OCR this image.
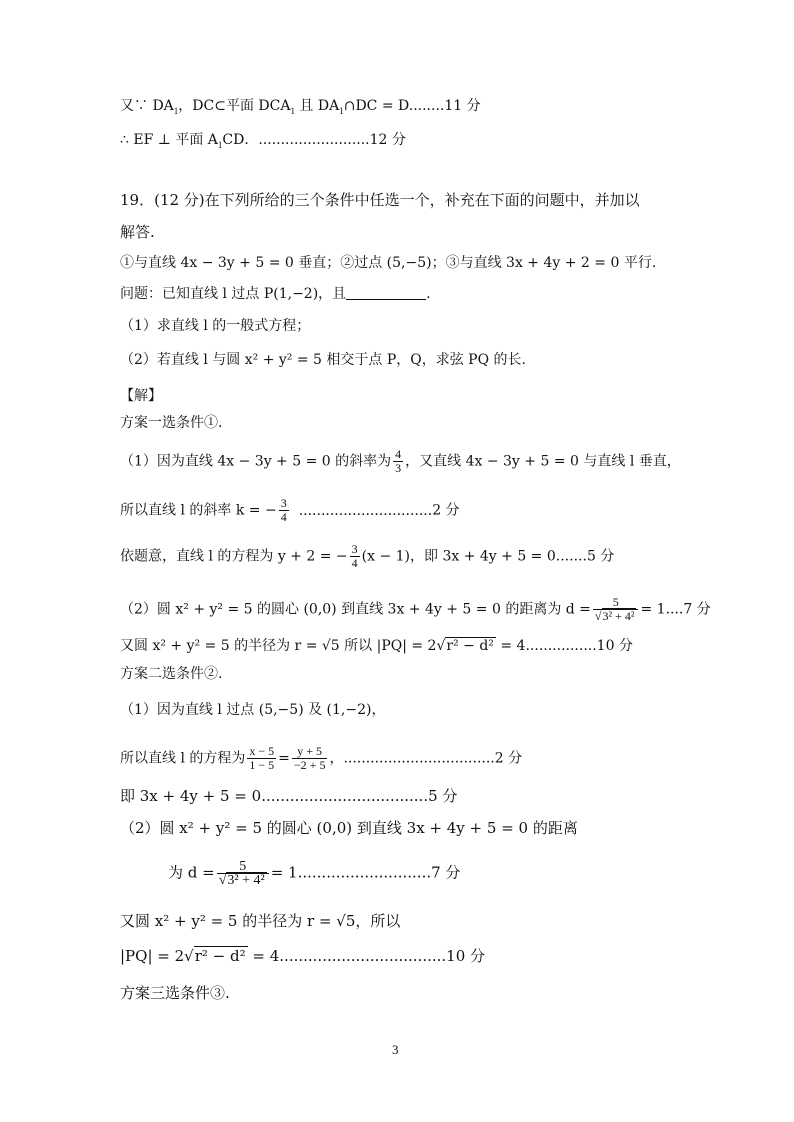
又∵ $DA_1$，DC⊂平面 $DCA_1$ 且 $DA_1\cap DC = D........11$ 分
∴ EF ⊥ 平面 $A_1CD$．.........................12 分
19．(12 分)在下列所给的三个条件中任选一个，补充在下面的问题中，并加以
解答.
①与直线 4x − 3y + 5 = 0 垂直；②过点 (5,−5)；③与直线 3x + 4y + 2 = 0 平行.
问题：已知直线 l 过点 P(1,−2)，且	.
（1）求直线 l 的一般式方程；
（2）若直线 l 与圆 x² + y² = 5 相交于点 P，Q，求弦 PQ 的长.
【解】
方案一选条件①.
（1）因为直线 4x − 3y + 5 = 0 的斜率为 $\frac{4}{3}$ ，又直线 4x − 3y + 5 = 0 与直线 l 垂直，
所以直线 l 的斜率 k = − $\frac{3}{4} ..............................2$ 分
依题意，直线 l 的方程为 y + 2 = − $\frac{3}{4} (x - 1)$，即 3x + 4y + 5 = 0.......5 分
（2）圆 x² + y² = 5 的圆心 (0,0) 到直线 3x + 4y + 5 = 0 的距离为 $d = \frac{5}{\text{√3² + 4²}} = 1....7$ 分
又圆 x² + y² = 5 的半径为 r = √5 所以 |PQ| = 2√r² − d² = 4................10 分
方案二选条件②.
（1）因为直线 l 过点 (5,−5) 及 (1,−2)，
所以直线 l 的方程为 $\frac{x - 5}{1 - 5} = \frac{y + 5}{-2 + 5}$ ，..................................2 分
即 3x + 4y + 5 = 0...................................5 分
（2）圆 x² + y² = 5 的圆心 (0,0) 到直线 3x + 4y + 5 = 0 的距离
为 $d = \frac{5}{\text{√3² + 4²}} = 1............................7$ 分
又圆 x² + y² = 5 的半径为 r = √5，所以
|PQ| = 2√r² − d² = 4...................................10 分
方案三选条件③.
3
